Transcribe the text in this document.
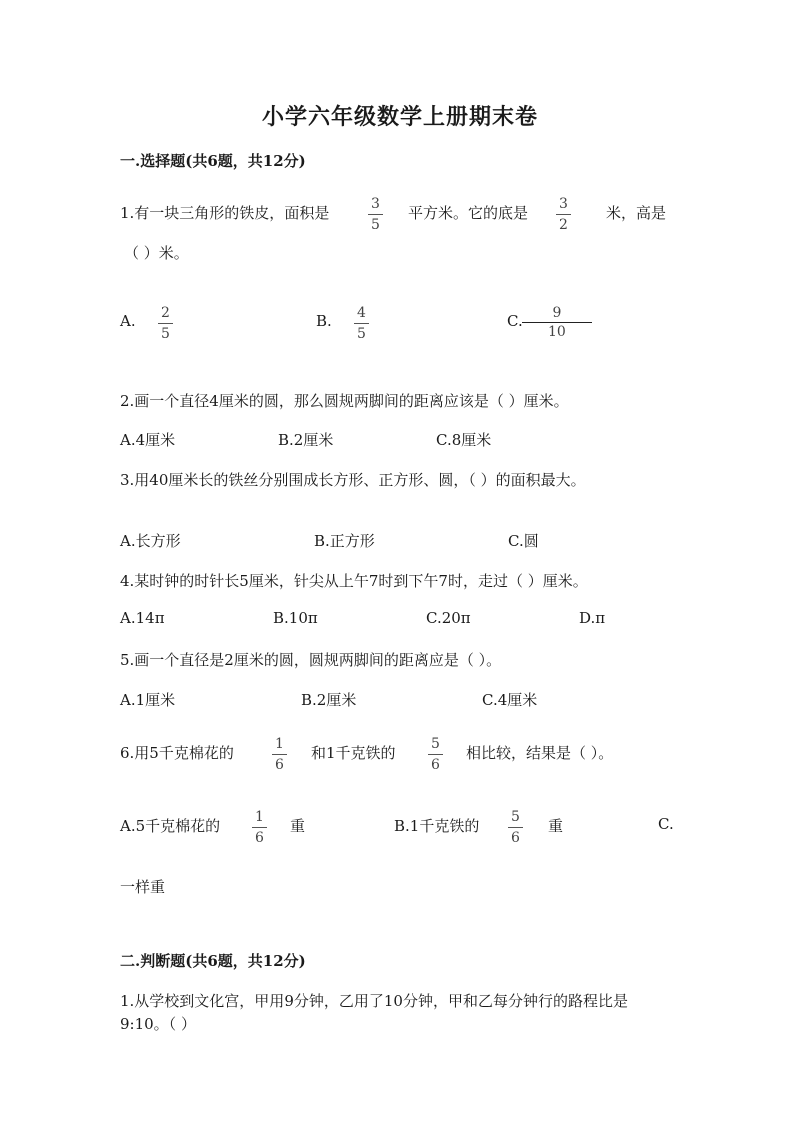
小学六年级数学上册期末卷
一.选择题(共6题，共12分)
1.有一块三角形的铁皮，面积是	$\frac{3}{5}$ 平方米。它的底是 $\frac{3}{2}$ 米，高是
（ ）米。
A. $\frac{2}{5}$	B. $\frac{4}{5}$	C. $\frac{9}{10}$
2.画一个直径4厘米的圆，那么圆规两脚间的距离应该是（ ）厘米。
A.4厘米	B.2厘米	C.8厘米
3.用40厘米长的铁丝分别围成长方形、正方形、圆，（ ）的面积最大。
A.长方形	B.正方形	C.圆
4.某时钟的时针长5厘米，针尖从上午7时到下午7时，走过（ ）厘米。
A.14π	B.10π	C.20π	D.π
5.画一个直径是2厘米的圆，圆规两脚间的距离应是（ ）。
A.1厘米	B.2厘米	C.4厘米
6.用5千克棉花的	$\frac{1}{6}$ 和1千克铁的 $\frac{5}{6}$ 相比较，结果是（ ）。
A.5千克棉花的 $\frac{1}{6}$ 重	B.1千克铁的 $\frac{5}{6}$ 重	C.
一样重
二.判断题(共6题，共12分)
1.从学校到文化宫，甲用9分钟，乙用了10分钟，甲和乙每分钟行的路程比是
9:10。（ ）
